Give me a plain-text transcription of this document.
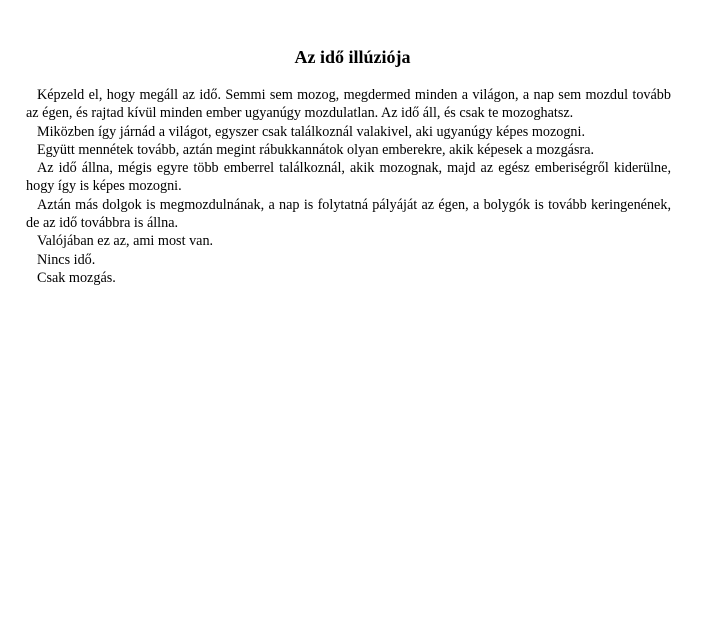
Az idő illúziója

Képzeld el, hogy megáll az idő. Semmi sem mozog, megdermed minden a világon, a nap sem mozdul tovább az égen, és rajtad kívül minden ember ugyanúgy mozdulatlan. Az idő áll, és csak te mozoghatsz.

Miközben így járnád a világot, egyszer csak találkoznál valakivel, aki ugyanúgy képes mozogni.

Együtt mennétek tovább, aztán megint rábukkannátok olyan emberekre, akik képesek a mozgásra.

Az idő állna, mégis egyre több emberrel találkoznál, akik mozognak, majd az egész emberiségről kiderülne, hogy így is képes mozogni.

Aztán más dolgok is megmozdulnának, a nap is folytatná pályáját az égen, a bolygók is tovább keringenének, de az idő továbbra is állna.

Valójában ez az, ami most van.

Nincs idő.

Csak mozgás.
